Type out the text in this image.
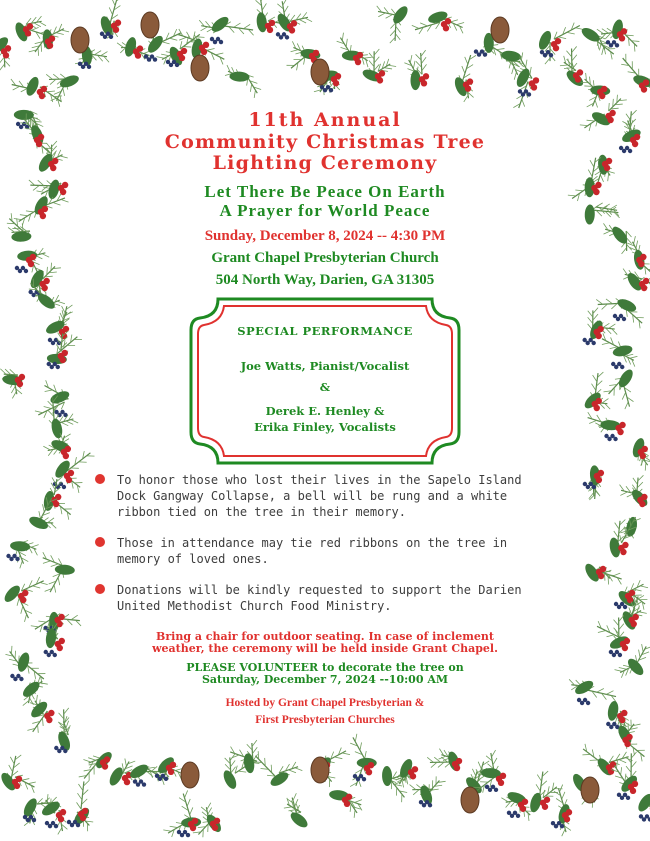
11th Annual
Community Christmas Tree
Lighting Ceremony
Let There Be Peace On Earth
A Prayer for World Peace
Sunday, December 8, 2024 -- 4:30 PM
Grant Chapel Presbyterian Church
504 North Way, Darien, GA 31305
SPECIAL PERFORMANCE
Joe Watts, Pianist/Vocalist
&
Derek E. Henley &
Erika Finley, Vocalists
To honor those who lost their lives in the Sapelo Island Dock Gangway Collapse, a bell will be rung and a white ribbon tied on the tree in their memory.
Those in attendance may tie red ribbons on the tree in memory of loved ones.
Donations will be kindly requested to support the Darien United Methodist Church Food Ministry.
Bring a chair for outdoor seating. In case of inclement
weather, the ceremony will be held inside Grant Chapel.
PLEASE VOLUNTEER to decorate the tree on
Saturday, December 7, 2024 --10:00 AM
Hosted by Grant Chapel Presbyterian &
First Presbyterian Churches
